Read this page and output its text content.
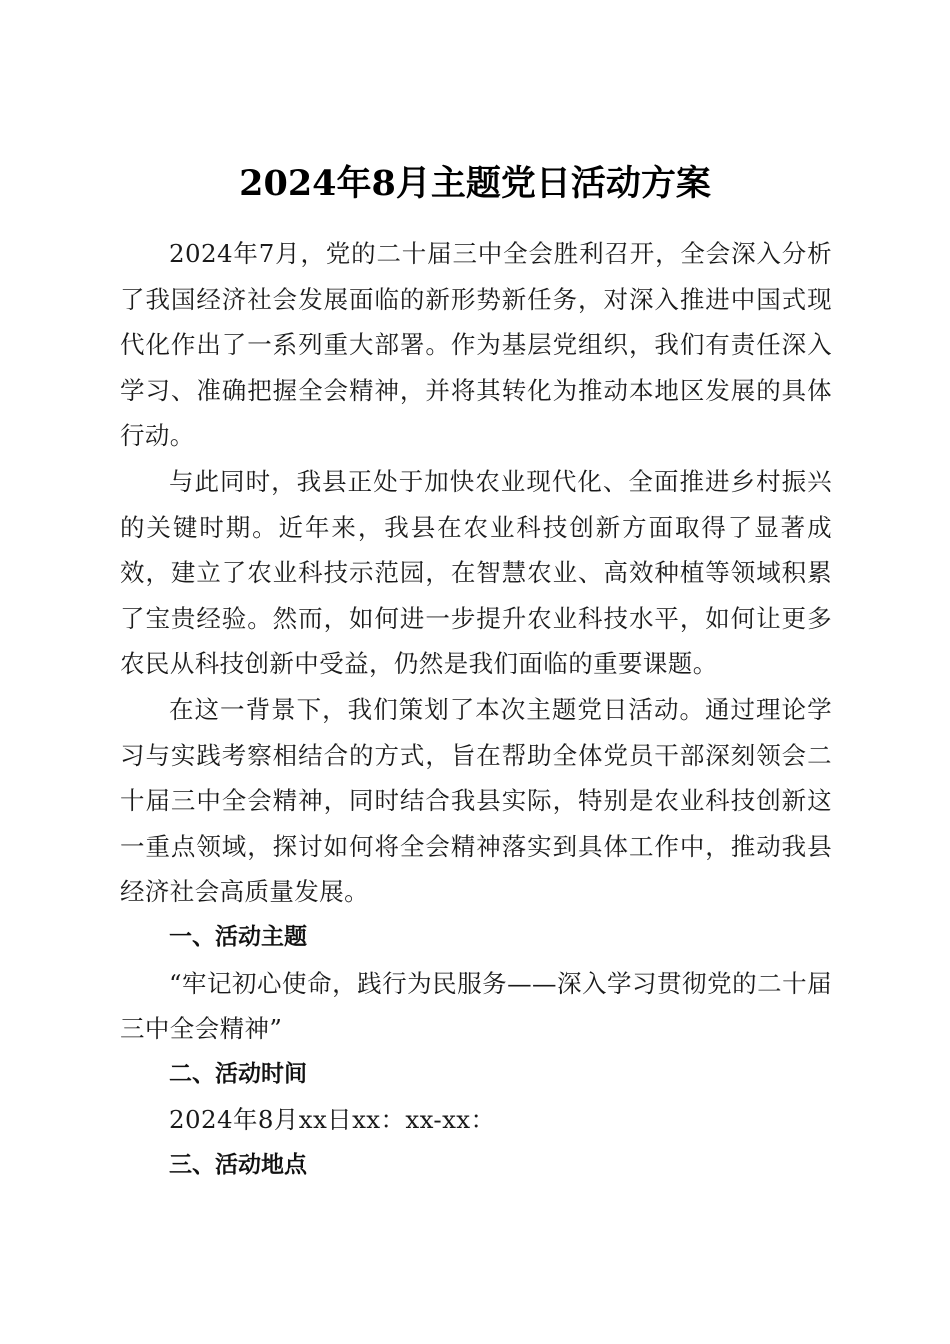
2024年8月主题党日活动方案

2024年7月，党的二十届三中全会胜利召开，全会深入分析了我国经济社会发展面临的新形势新任务，对深入推进中国式现代化作出了一系列重大部署。作为基层党组织，我们有责任深入学习、准确把握全会精神，并将其转化为推动本地区发展的具体行动。

与此同时，我县正处于加快农业现代化、全面推进乡村振兴的关键时期。近年来，我县在农业科技创新方面取得了显著成效，建立了农业科技示范园，在智慧农业、高效种植等领域积累了宝贵经验。然而，如何进一步提升农业科技水平，如何让更多农民从科技创新中受益，仍然是我们面临的重要课题。

在这一背景下，我们策划了本次主题党日活动。通过理论学习与实践考察相结合的方式，旨在帮助全体党员干部深刻领会二十届三中全会精神，同时结合我县实际，特别是农业科技创新这一重点领域，探讨如何将全会精神落实到具体工作中，推动我县经济社会高质量发展。

一、活动主题

“牢记初心使命，践行为民服务——深入学习贯彻党的二十届三中全会精神”

二、活动时间

2024年8月xx日xx：xx-xx：

三、活动地点
